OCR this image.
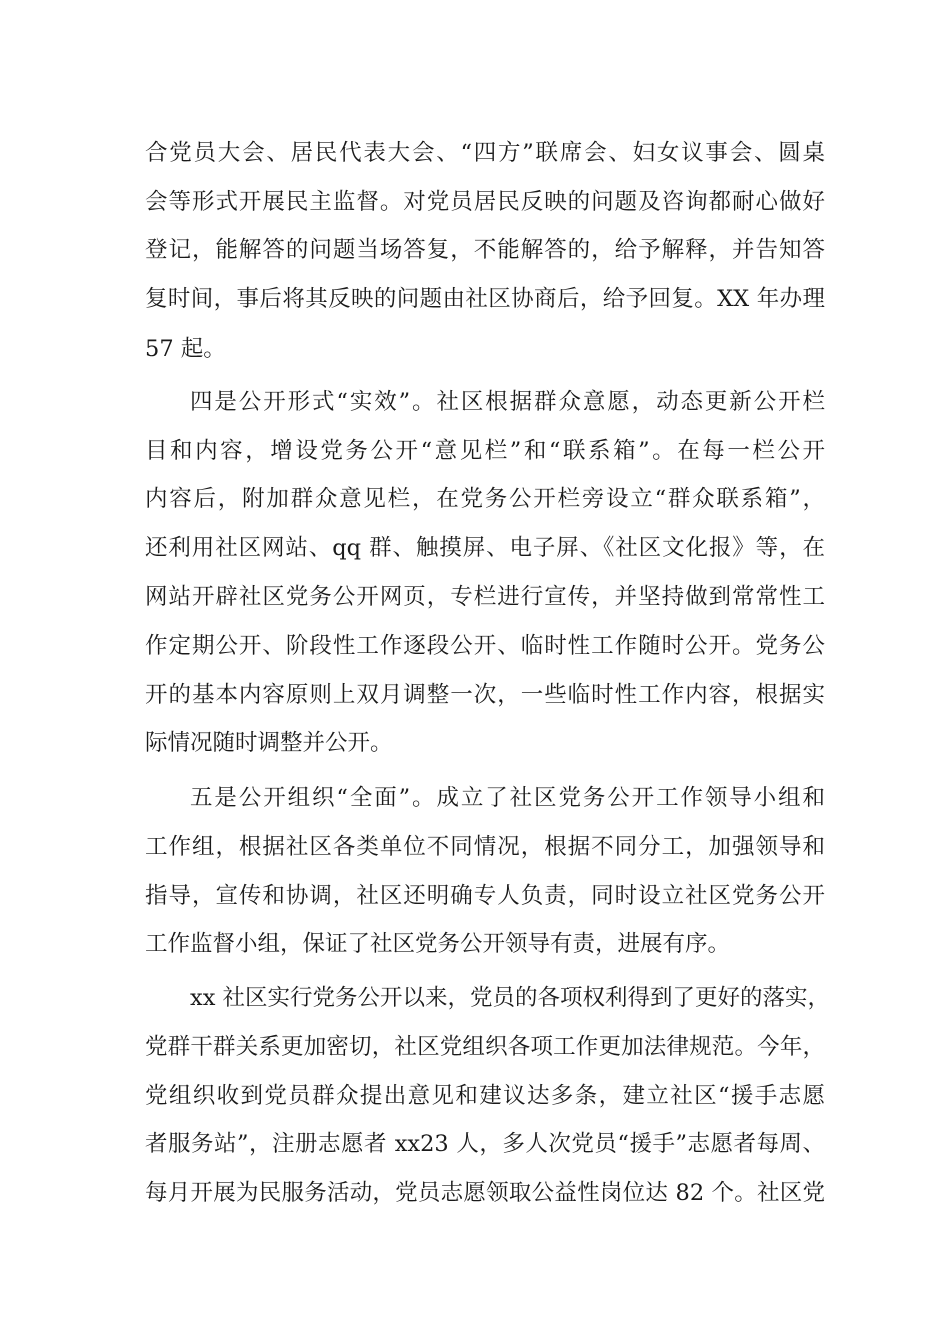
合党员大会、居民代表大会、“四方”联席会、妇女议事会、圆桌
会等形式开展民主监督。对党员居民反映的问题及咨询都耐心做好
登记，能解答的问题当场答复，不能解答的，给予解释，并告知答
复时间，事后将其反映的问题由社区协商后，给予回复。XX 年办理
57 起。
四是公开形式“实效”。社区根据群众意愿，动态更新公开栏
目和内容，增设党务公开“意见栏”和“联系箱”。在每一栏公开
内容后，附加群众意见栏，在党务公开栏旁设立“群众联系箱”，
还利用社区网站、qq 群、触摸屏、电子屏、《社区文化报》等，在
网站开辟社区党务公开网页，专栏进行宣传，并坚持做到常常性工
作定期公开、阶段性工作逐段公开、临时性工作随时公开。党务公
开的基本内容原则上双月调整一次，一些临时性工作内容，根据实
际情况随时调整并公开。
五是公开组织“全面”。成立了社区党务公开工作领导小组和
工作组，根据社区各类单位不同情况，根据不同分工，加强领导和
指导，宣传和协调，社区还明确专人负责，同时设立社区党务公开
工作监督小组，保证了社区党务公开领导有责，进展有序。
xx 社区实行党务公开以来，党员的各项权利得到了更好的落实，
党群干群关系更加密切，社区党组织各项工作更加法律规范。今年，
党组织收到党员群众提出意见和建议达多条，建立社区“援手志愿
者服务站”，注册志愿者 xx23 人，多人次党员“援手”志愿者每周、
每月开展为民服务活动，党员志愿领取公益性岗位达 82 个。社区党
